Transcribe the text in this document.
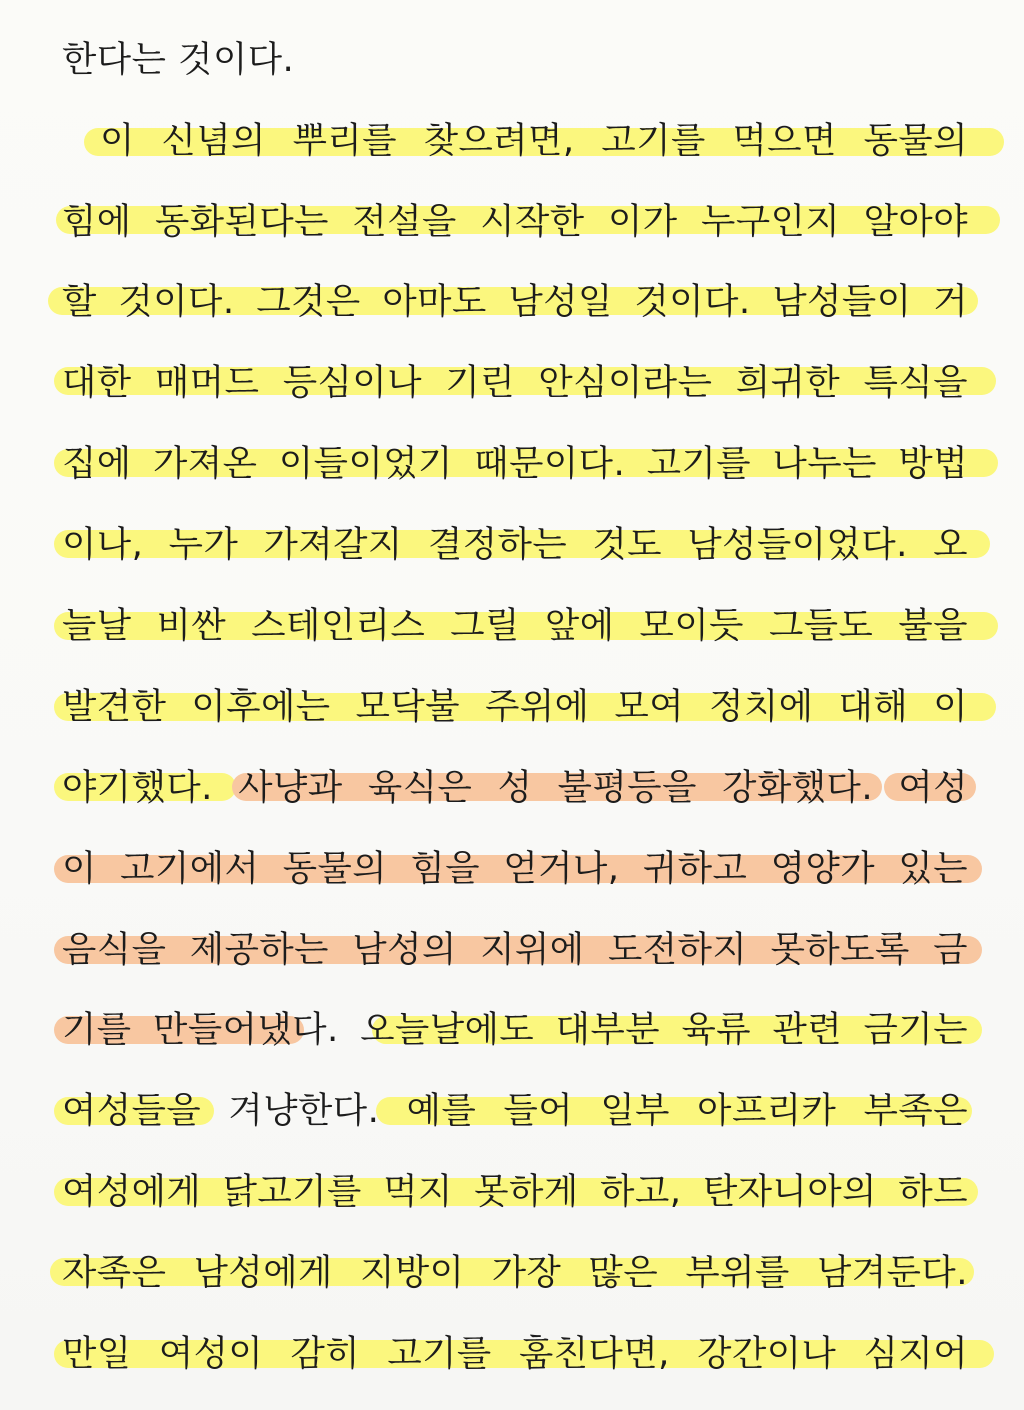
한다는 것이다.
이 신념의 뿌리를 찾으려면, 고기를 먹으면 동물의
힘에 동화된다는 전설을 시작한 이가 누구인지 알아야
할 것이다. 그것은 아마도 남성일 것이다. 남성들이 거
대한 매머드 등심이나 기린 안심이라는 희귀한 특식을
집에 가져온 이들이었기 때문이다. 고기를 나누는 방법
이나, 누가 가져갈지 결정하는 것도 남성들이었다. 오
늘날 비싼 스테인리스 그릴 앞에 모이듯 그들도 불을
발견한 이후에는 모닥불 주위에 모여 정치에 대해 이
야기했다. 사냥과 육식은 성 불평등을 강화했다. 여성
이 고기에서 동물의 힘을 얻거나, 귀하고 영양가 있는
음식을 제공하는 남성의 지위에 도전하지 못하도록 금
기를 만들어냈다. 오늘날에도 대부분 육류 관련 금기는
여성들을 겨냥한다. 예를 들어 일부 아프리카 부족은
여성에게 닭고기를 먹지 못하게 하고, 탄자니아의 하드
자족은 남성에게 지방이 가장 많은 부위를 남겨둔다.
만일 여성이 감히 고기를 훔친다면, 강간이나 심지어
